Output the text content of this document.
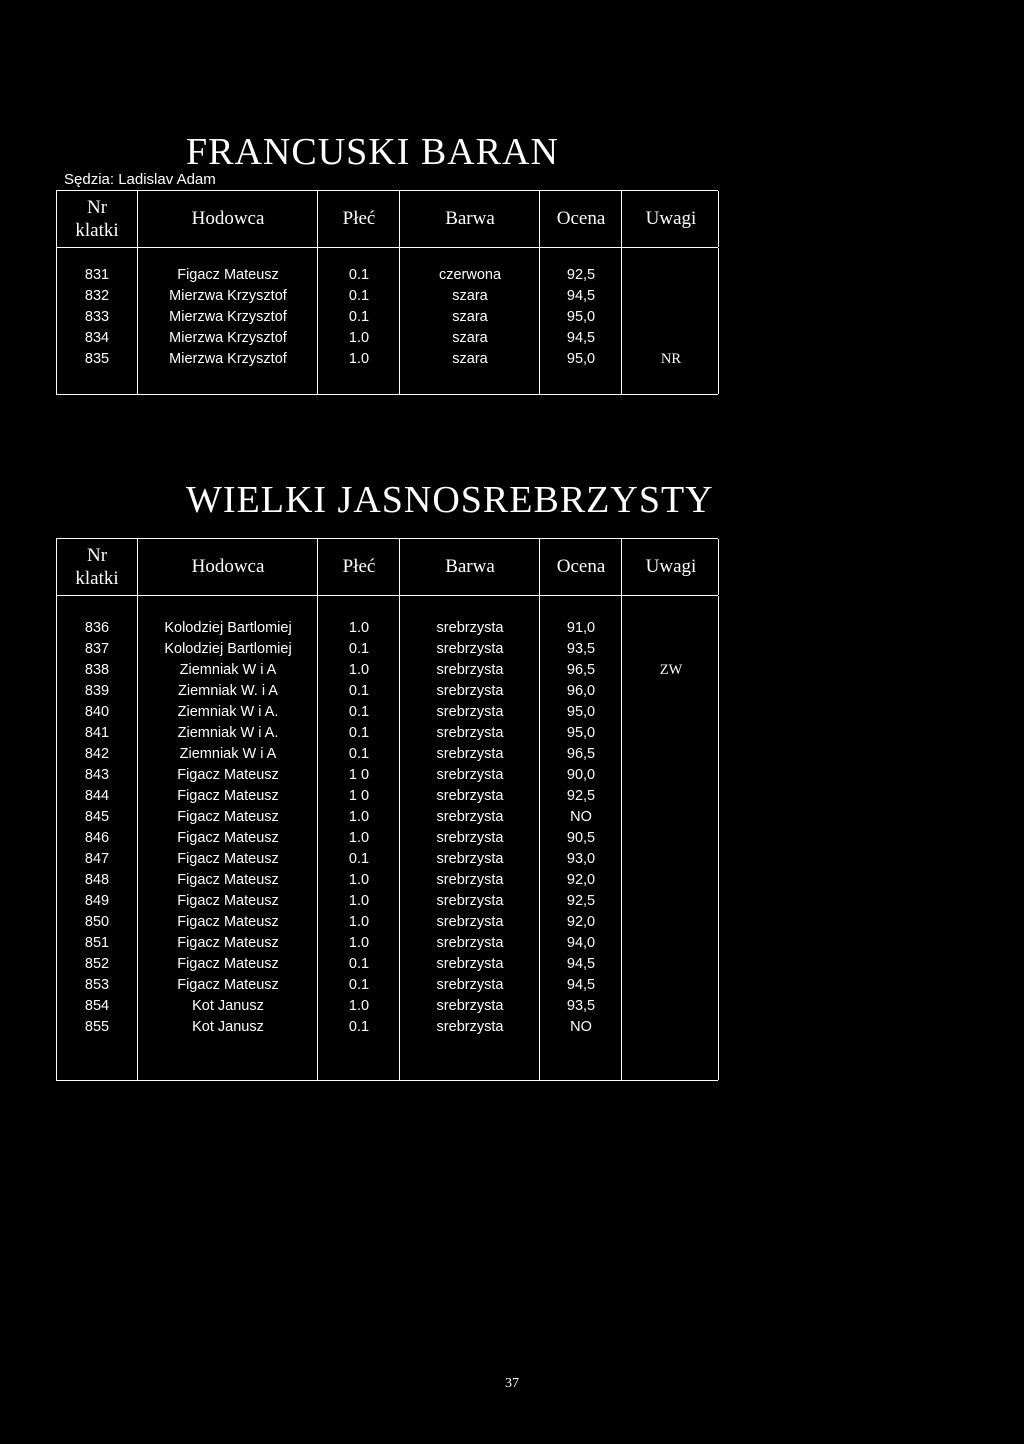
FRANCUSKI BARAN
Sędzia: Ladislav Adam
Nr
klatki
Hodowca	Płeć	Barwa	Ocena	Uwagi
831	Figacz Mateusz	0.1	czerwona	92,5
832	Mierzwa Krzysztof	0.1	szara	94,5
833	Mierzwa Krzysztof	0.1	szara	95,0
834	Mierzwa Krzysztof	1.0	szara	94,5
835	Mierzwa Krzysztof	1.0	szara	95,0	NR
WIELKI JASNOSREBRZYSTY
Nr
klatki
Hodowca	Płeć	Barwa	Ocena	Uwagi
836	Kolodziej Bartlomiej	1.0	srebrzysta	91,0
837	Kolodziej Bartlomiej	0.1	srebrzysta	93,5
838	Ziemniak W i A	1.0	srebrzysta	96,5	ZW
839	Ziemniak W. i A	0.1	srebrzysta	96,0
840	Ziemniak W i A.	0.1	srebrzysta	95,0
841	Ziemniak W i A.	0.1	srebrzysta	95,0
842	Ziemniak W i A	0.1	srebrzysta	96,5
843	Figacz Mateusz	1 0	srebrzysta	90,0
844	Figacz Mateusz	1 0	srebrzysta	92,5
845	Figacz Mateusz	1.0	srebrzysta	NO
846	Figacz Mateusz	1.0	srebrzysta	90,5
847	Figacz Mateusz	0.1	srebrzysta	93,0
848	Figacz Mateusz	1.0	srebrzysta	92,0
849	Figacz Mateusz	1.0	srebrzysta	92,5
850	Figacz Mateusz	1.0	srebrzysta	92,0
851	Figacz Mateusz	1.0	srebrzysta	94,0
852	Figacz Mateusz	0.1	srebrzysta	94,5
853	Figacz Mateusz	0.1	srebrzysta	94,5
854	Kot Janusz	1.0	srebrzysta	93,5
855	Kot Janusz	0.1	srebrzysta	NO
37
